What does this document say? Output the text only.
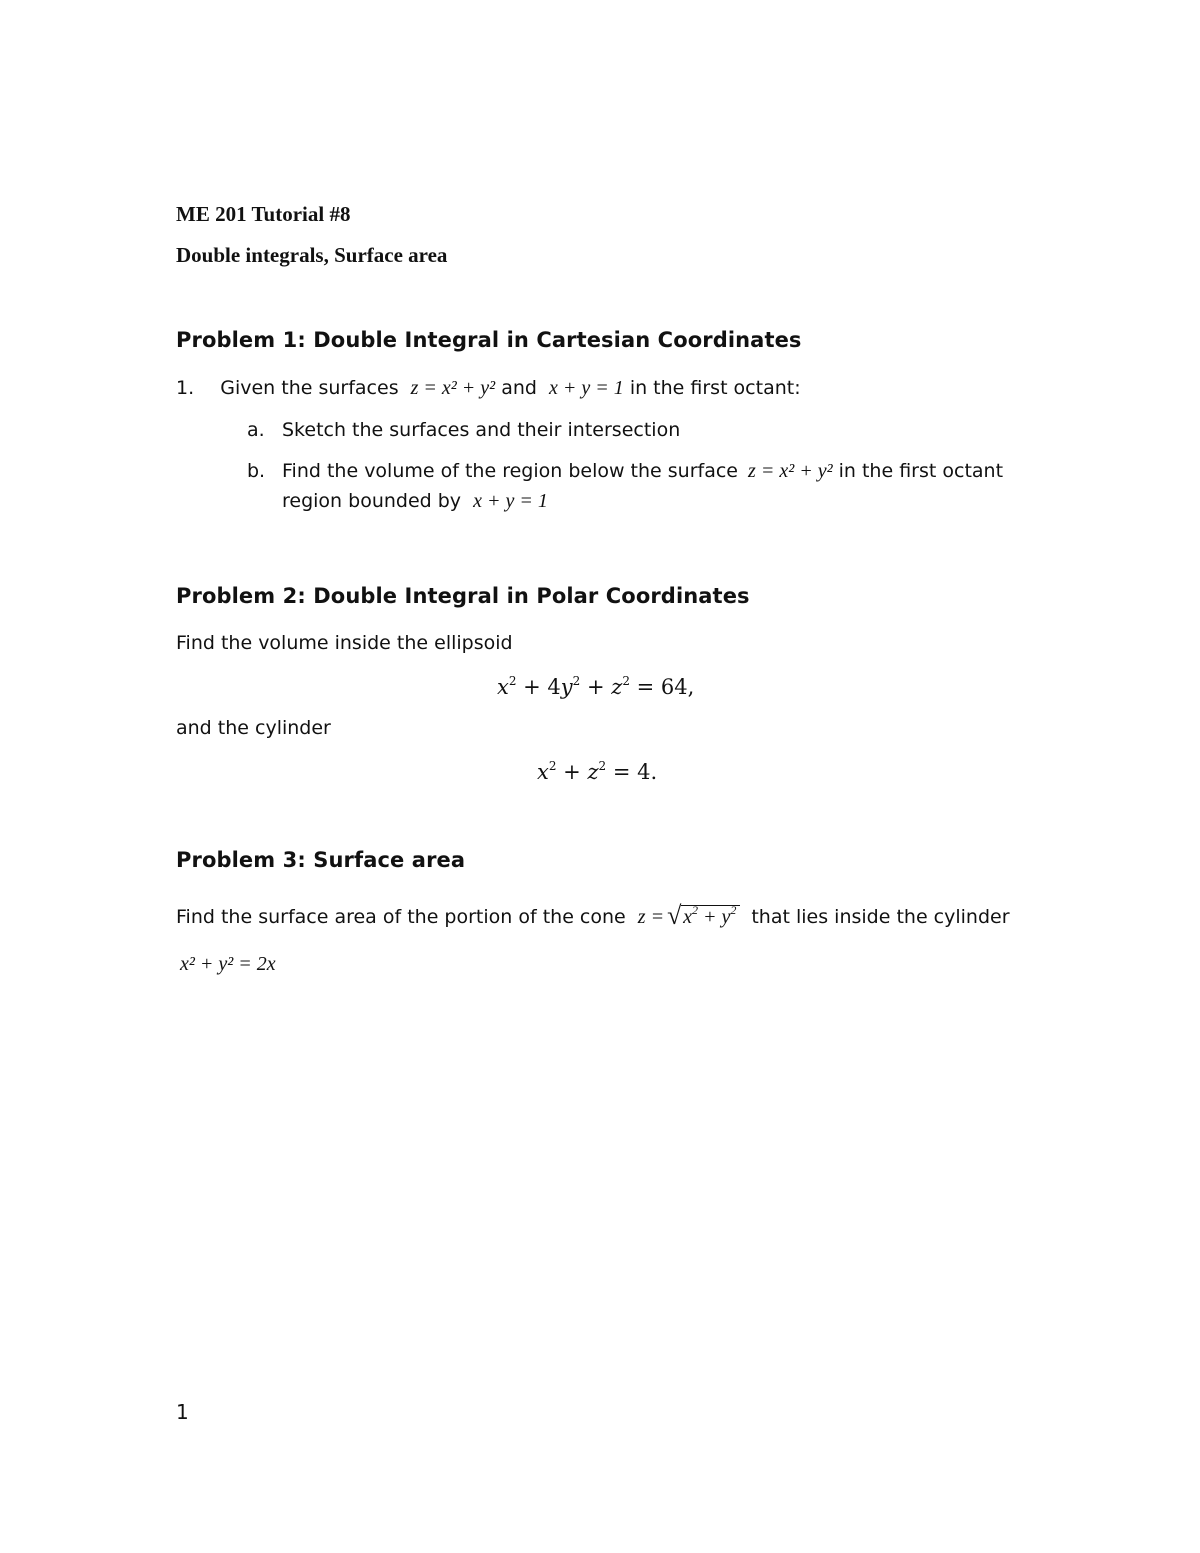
ME 201 Tutorial #8
Double integrals, Surface area
Problem 1: Double Integral in Cartesian Coordinates
1. Given the surfaces z = x² + y² and x + y = 1 in the first octant:
a. Sketch the surfaces and their intersection
b. Find the volume of the region below the surface z = x² + y² in the first octant
region bounded by x + y = 1
Problem 2: Double Integral in Polar Coordinates
Find the volume inside the ellipsoid
$x^2 + 4y^2 + z^2 = 64$,
and the cylinder
$x^2 + z^2 = 4$.
Problem 3: Surface area
Find the surface area of the portion of the cone z =
√ $x^2 + y^2$ that lies inside the cylinder
x² + y² = 2x
1
